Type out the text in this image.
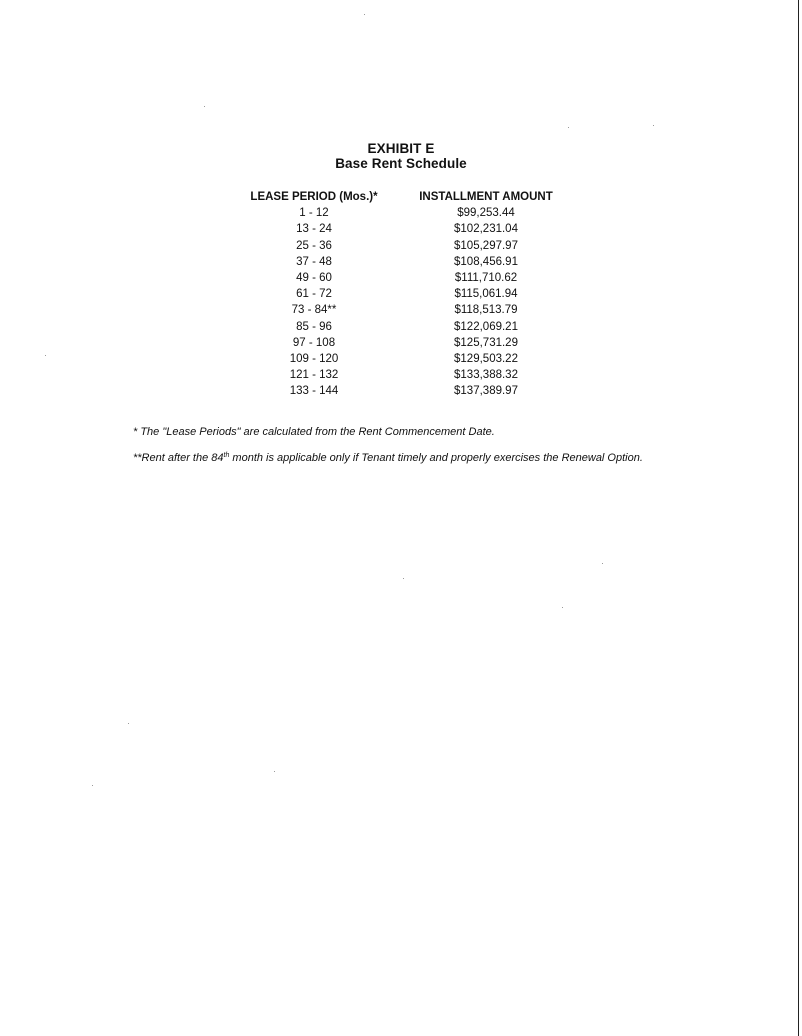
EXHIBIT E
Base Rent Schedule
LEASE PERIOD (Mos.)*	INSTALLMENT AMOUNT
1 - 12	$99,253.44
13 - 24	$102,231.04
25 - 36	$105,297.97
37 - 48	$108,456.91
49 - 60	$111,710.62
61 - 72	$115,061.94
73 - 84**	$118,513.79
85 - 96	$122,069.21
97 - 108	$125,731.29
109 - 120	$129,503.22
121 - 132	$133,388.32
133 - 144	$137,389.97
* The "Lease Periods" are calculated from the Rent Commencement Date.
**Rent after the 84th month is applicable only if Tenant timely and properly exercises the Renewal Option.
